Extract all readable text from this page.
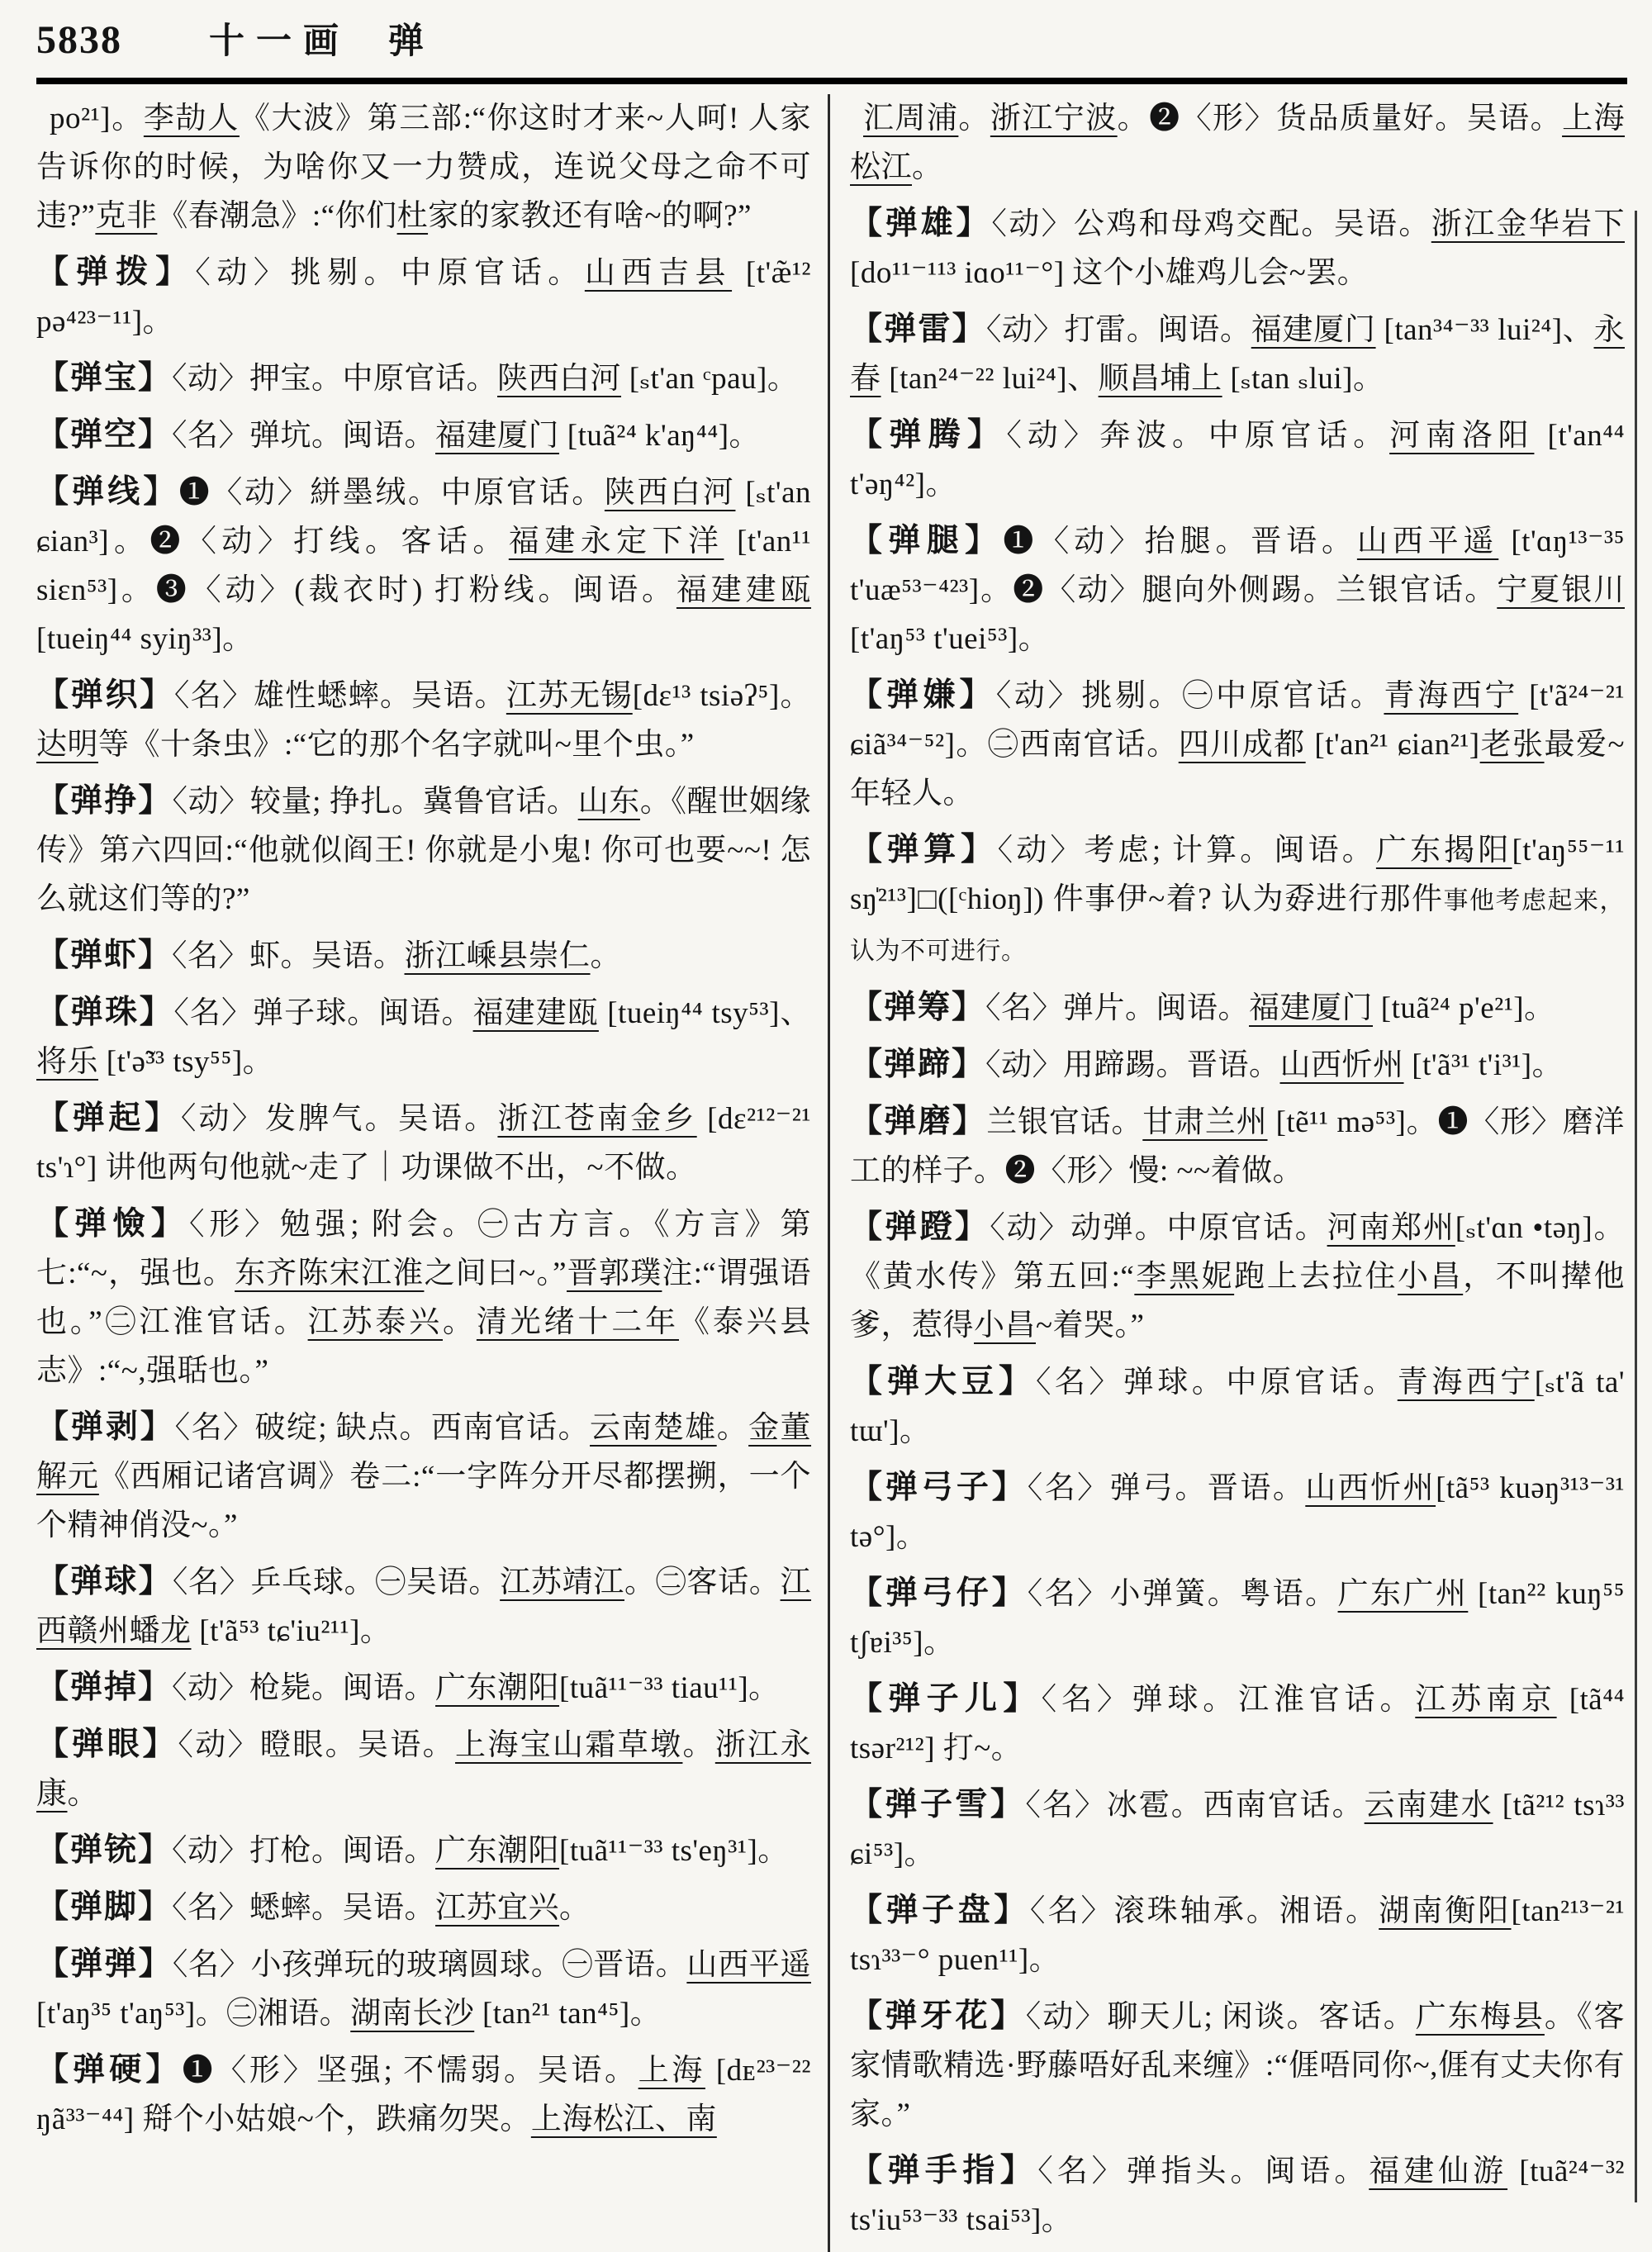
5838 十一画 弹

po²¹]。李劼人《大波》第三部:“你这时才来~人呵! 人家告诉你的时候，为啥你又一力赞成，连说父母之命不可违?”克非《春潮急》:“你们杜家的家教还有啥~的啊?”

【弹拨】〈动〉挑剔。中原官话。山西吉县 [t'æ̃¹² pə⁴²³⁻¹¹]。

【弹宝】〈动〉押宝。中原官话。陕西白河 [ₛt'an ᶜpau]。

【弹空】〈名〉弹坑。闽语。福建厦门 [tuã²⁴ k'aŋ⁴⁴]。

【弹线】❶〈动〉絣墨绒。中原官话。陕西白河 [ₛt'an ɕian³]。❷〈动〉打线。客话。福建永定下洋 [t'an¹¹ siɛn⁵³]。❸〈动〉(裁衣时) 打粉线。闽语。福建建瓯 [tueiŋ⁴⁴ syiŋ³³]。

【弹织】〈名〉雄性蟋蟀。吴语。江苏无锡[dɛ¹³ tsiəʔ⁵]。达明等《十条虫》:“它的那个名字就叫~里个虫。”

【弹挣】〈动〉较量; 挣扎。冀鲁官话。山东。《醒世姻缘传》第六四回:“他就似阎王! 你就是小鬼! 你可也要~~! 怎么就这们等的?”

【弹虾】〈名〉虾。吴语。浙江嵊县崇仁。

【弹珠】〈名〉弹子球。闽语。福建建瓯 [tueiŋ⁴⁴ tsy⁵³]、将乐 [t'ə̃³³ tsy⁵⁵]。

【弹起】〈动〉发脾气。吴语。浙江苍南金乡 [dɛ²¹²⁻²¹ ts'ɿ°] 讲他两句他就~走了｜功课做不出，~不做。

【弹憸】〈形〉勉强; 附会。㊀古方言。《方言》第七:“~，强也。东齐陈宋江淮之间曰~。”晋郭璞注:“谓强语也。”㊁江淮官话。江苏泰兴。清光绪十二年《泰兴县志》:“~,强聒也。”

【弹剥】〈名〉破绽; 缺点。西南官话。云南楚雄。金董解元《西厢记诸宫调》卷二:“一字阵分开尽都摆搠，一个个精神俏没~。”

【弹球】〈名〉乒乓球。㊀吴语。江苏靖江。㊁客话。江西赣州蟠龙 [t'ã⁵³ tɕ'iu²¹¹]。

【弹掉】〈动〉枪毙。闽语。广东潮阳[tuã¹¹⁻³³ tiau¹¹]。

【弹眼】〈动〉瞪眼。吴语。上海宝山霜草墩。浙江永康。

【弹铳】〈动〉打枪。闽语。广东潮阳[tuã¹¹⁻³³ ts'eŋ³¹]。

【弹脚】〈名〉蟋蟀。吴语。江苏宜兴。

【弹弹】〈名〉小孩弹玩的玻璃圆球。㊀晋语。山西平遥 [t'aŋ³⁵ t'aŋ⁵³]。㊁湘语。湖南长沙 [tan²¹ tan⁴⁵]。

【弹硬】❶〈形〉坚强; 不懦弱。吴语。上海 [dᴇ²³⁻²² ŋã³³⁻⁴⁴] 搿个小姑娘~个，跌痛勿哭。上海松江、南

汇周浦。浙江宁波。❷〈形〉货品质量好。吴语。上海松江。

【弹雄】〈动〉公鸡和母鸡交配。吴语。浙江金华岩下 [do¹¹⁻¹¹³ iɑo¹¹⁻°] 这个小雄鸡儿会~罢。

【弹雷】〈动〉打雷。闽语。福建厦门 [tan³⁴⁻³³ lui²⁴]、永春 [tan²⁴⁻²² lui²⁴]、顺昌埔上 [ₛtan ₛlui]。

【弹腾】〈动〉奔波。中原官话。河南洛阳 [t'an⁴⁴ t'əŋ⁴²]。

【弹腿】❶〈动〉抬腿。晋语。山西平遥 [t'ɑŋ¹³⁻³⁵ t'uæ⁵³⁻⁴²³]。❷〈动〉腿向外侧踢。兰银官话。宁夏银川 [t'aŋ⁵³ t'uei⁵³]。

【弹嫌】〈动〉挑剔。㊀中原官话。青海西宁 [t'ã²⁴⁻²¹ ɕiã³⁴⁻⁵²]。㊁西南官话。四川成都 [t'an²¹ ɕian²¹]老张最爱~年轻人。

【弹算】〈动〉考虑; 计算。闽语。广东揭阳[t'aŋ⁵⁵⁻¹¹ sŋ̍²¹³]□([ᶜhioŋ]) 件事伊~着? 认为孬进行那件事他考虑起来，认为不可进行。

【弹筹】〈名〉弹片。闽语。福建厦门 [tuã²⁴ p'e²¹]。

【弹蹄】〈动〉用蹄踢。晋语。山西忻州 [t'ã³¹ t'i³¹]。

【弹磨】兰银官话。甘肃兰州 [tẽ¹¹ mə⁵³]。❶〈形〉磨洋工的样子。❷〈形〉慢: ~~着做。

【弹蹬】〈动〉动弹。中原官话。河南郑州[ₛt'ɑn •təŋ]。《黄水传》第五回:“李黑妮跑上去拉住小昌，不叫撵他爹，惹得小昌~着哭。”

【弹大豆】〈名〉弹球。中原官话。青海西宁[ₛt'ã ta' tɯ']。

【弹弓子】〈名〉弹弓。晋语。山西忻州[tã⁵³ kuəŋ³¹³⁻³¹ tə°]。

【弹弓仔】〈名〉小弹簧。粤语。广东广州 [tan²² kuŋ⁵⁵ tʃɐi³⁵]。

【弹子儿】〈名〉弹球。江淮官话。江苏南京 [tã⁴⁴ tsər²¹²] 打~。

【弹子雪】〈名〉冰雹。西南官话。云南建水 [tã²¹² tsɿ³³ ɕi⁵³]。

【弹子盘】〈名〉滚珠轴承。湘语。湖南衡阳[tan²¹³⁻²¹ tsɿ³³⁻° puen¹¹]。

【弹牙花】〈动〉聊天儿; 闲谈。客话。广东梅县。《客家情歌精选·野藤唔好乱来缠》:“𠊎唔同你~,𠊎有丈夫你有家。”

【弹手指】〈名〉弹指头。闽语。福建仙游 [tuã²⁴⁻³² ts'iu⁵³⁻³³ tsai⁵³]。
